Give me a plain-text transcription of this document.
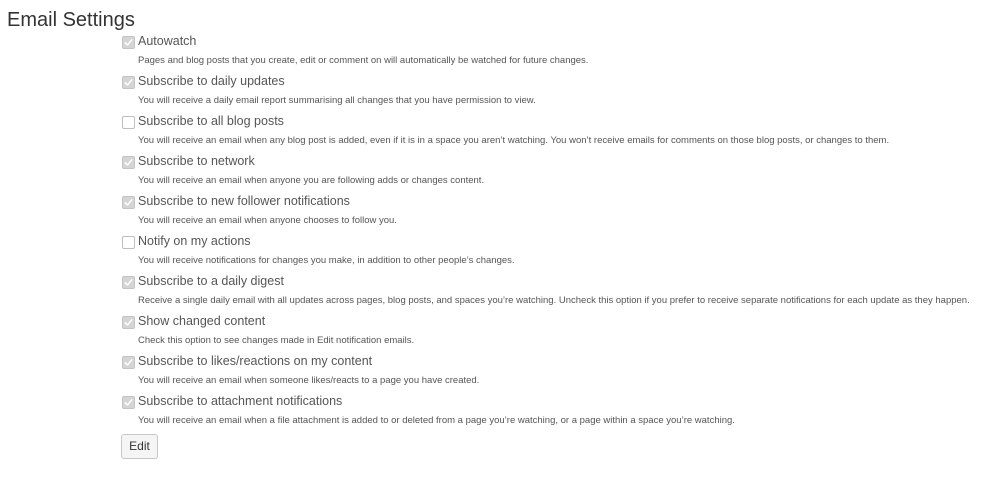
Email Settings
Autowatch
Pages and blog posts that you create, edit or comment on will automatically be watched for future changes.
Subscribe to daily updates
You will receive a daily email report summarising all changes that you have permission to view.
Subscribe to all blog posts
You will receive an email when any blog post is added, even if it is in a space you aren’t watching. You won’t receive emails for comments on those blog posts, or changes to them.
Subscribe to network
You will receive an email when anyone you are following adds or changes content.
Subscribe to new follower notifications
You will receive an email when anyone chooses to follow you.
Notify on my actions
You will receive notifications for changes you make, in addition to other people’s changes.
Subscribe to a daily digest
Receive a single daily email with all updates across pages, blog posts, and spaces you’re watching. Uncheck this option if you prefer to receive separate notifications for each update as they happen.
Show changed content
Check this option to see changes made in Edit notification emails.
Subscribe to likes/reactions on my content
You will receive an email when someone likes/reacts to a page you have created.
Subscribe to attachment notifications
You will receive an email when a file attachment is added to or deleted from a page you’re watching, or a page within a space you’re watching.
Edit
